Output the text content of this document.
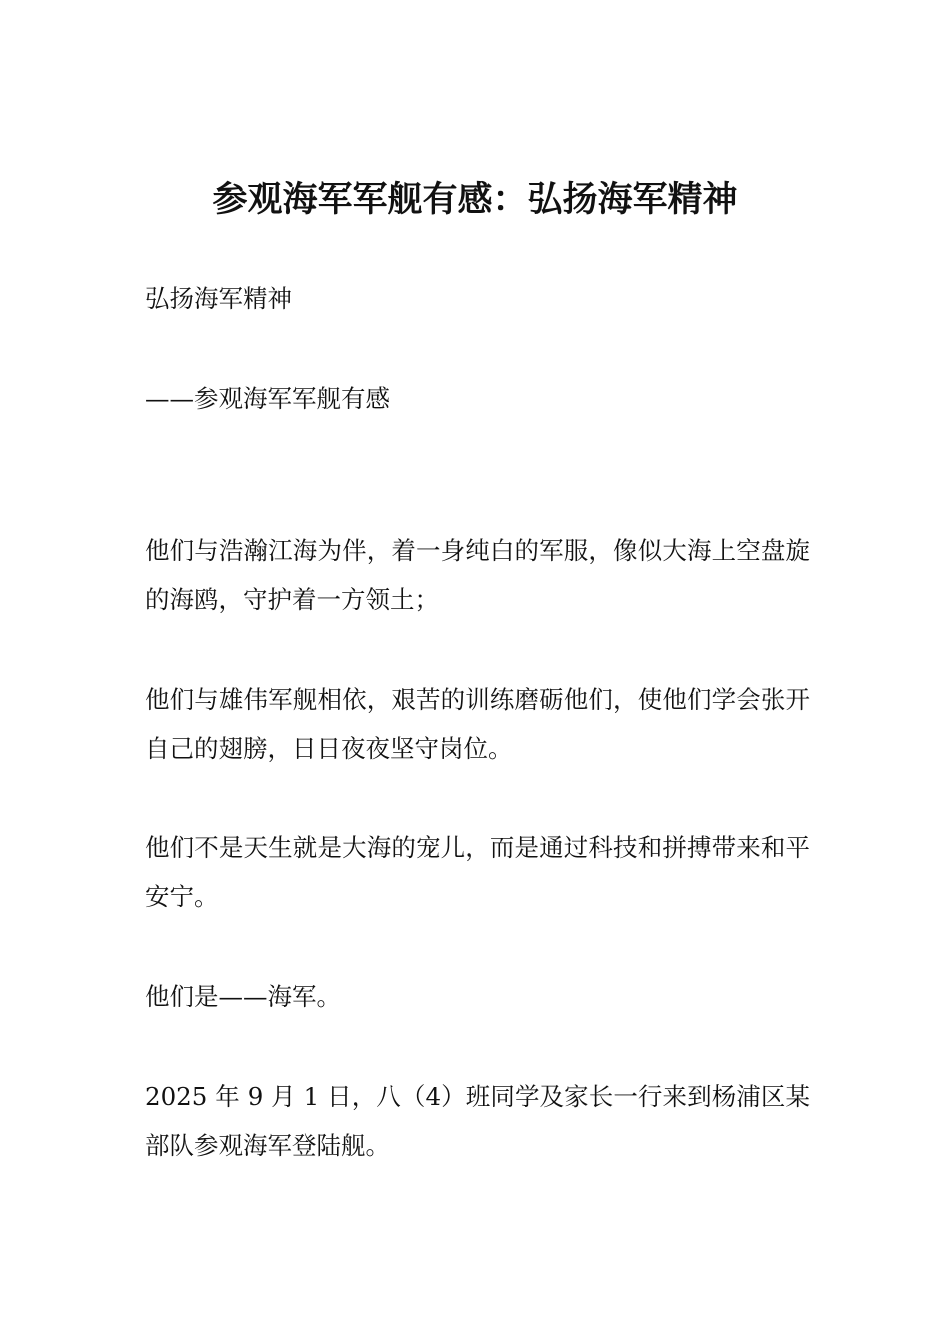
参观海军军舰有感：弘扬海军精神

弘扬海军精神

——参观海军军舰有感

他们与浩瀚江海为伴，着一身纯白的军服，像似大海上空盘旋的海鸥，守护着一方领土；

他们与雄伟军舰相依，艰苦的训练磨砺他们，使他们学会张开自己的翅膀，日日夜夜坚守岗位。

他们不是天生就是大海的宠儿，而是通过科技和拼搏带来和平安宁。

他们是——海军。

2025 年 9 月 1 日，八（4）班同学及家长一行来到杨浦区某部队参观海军登陆舰。
